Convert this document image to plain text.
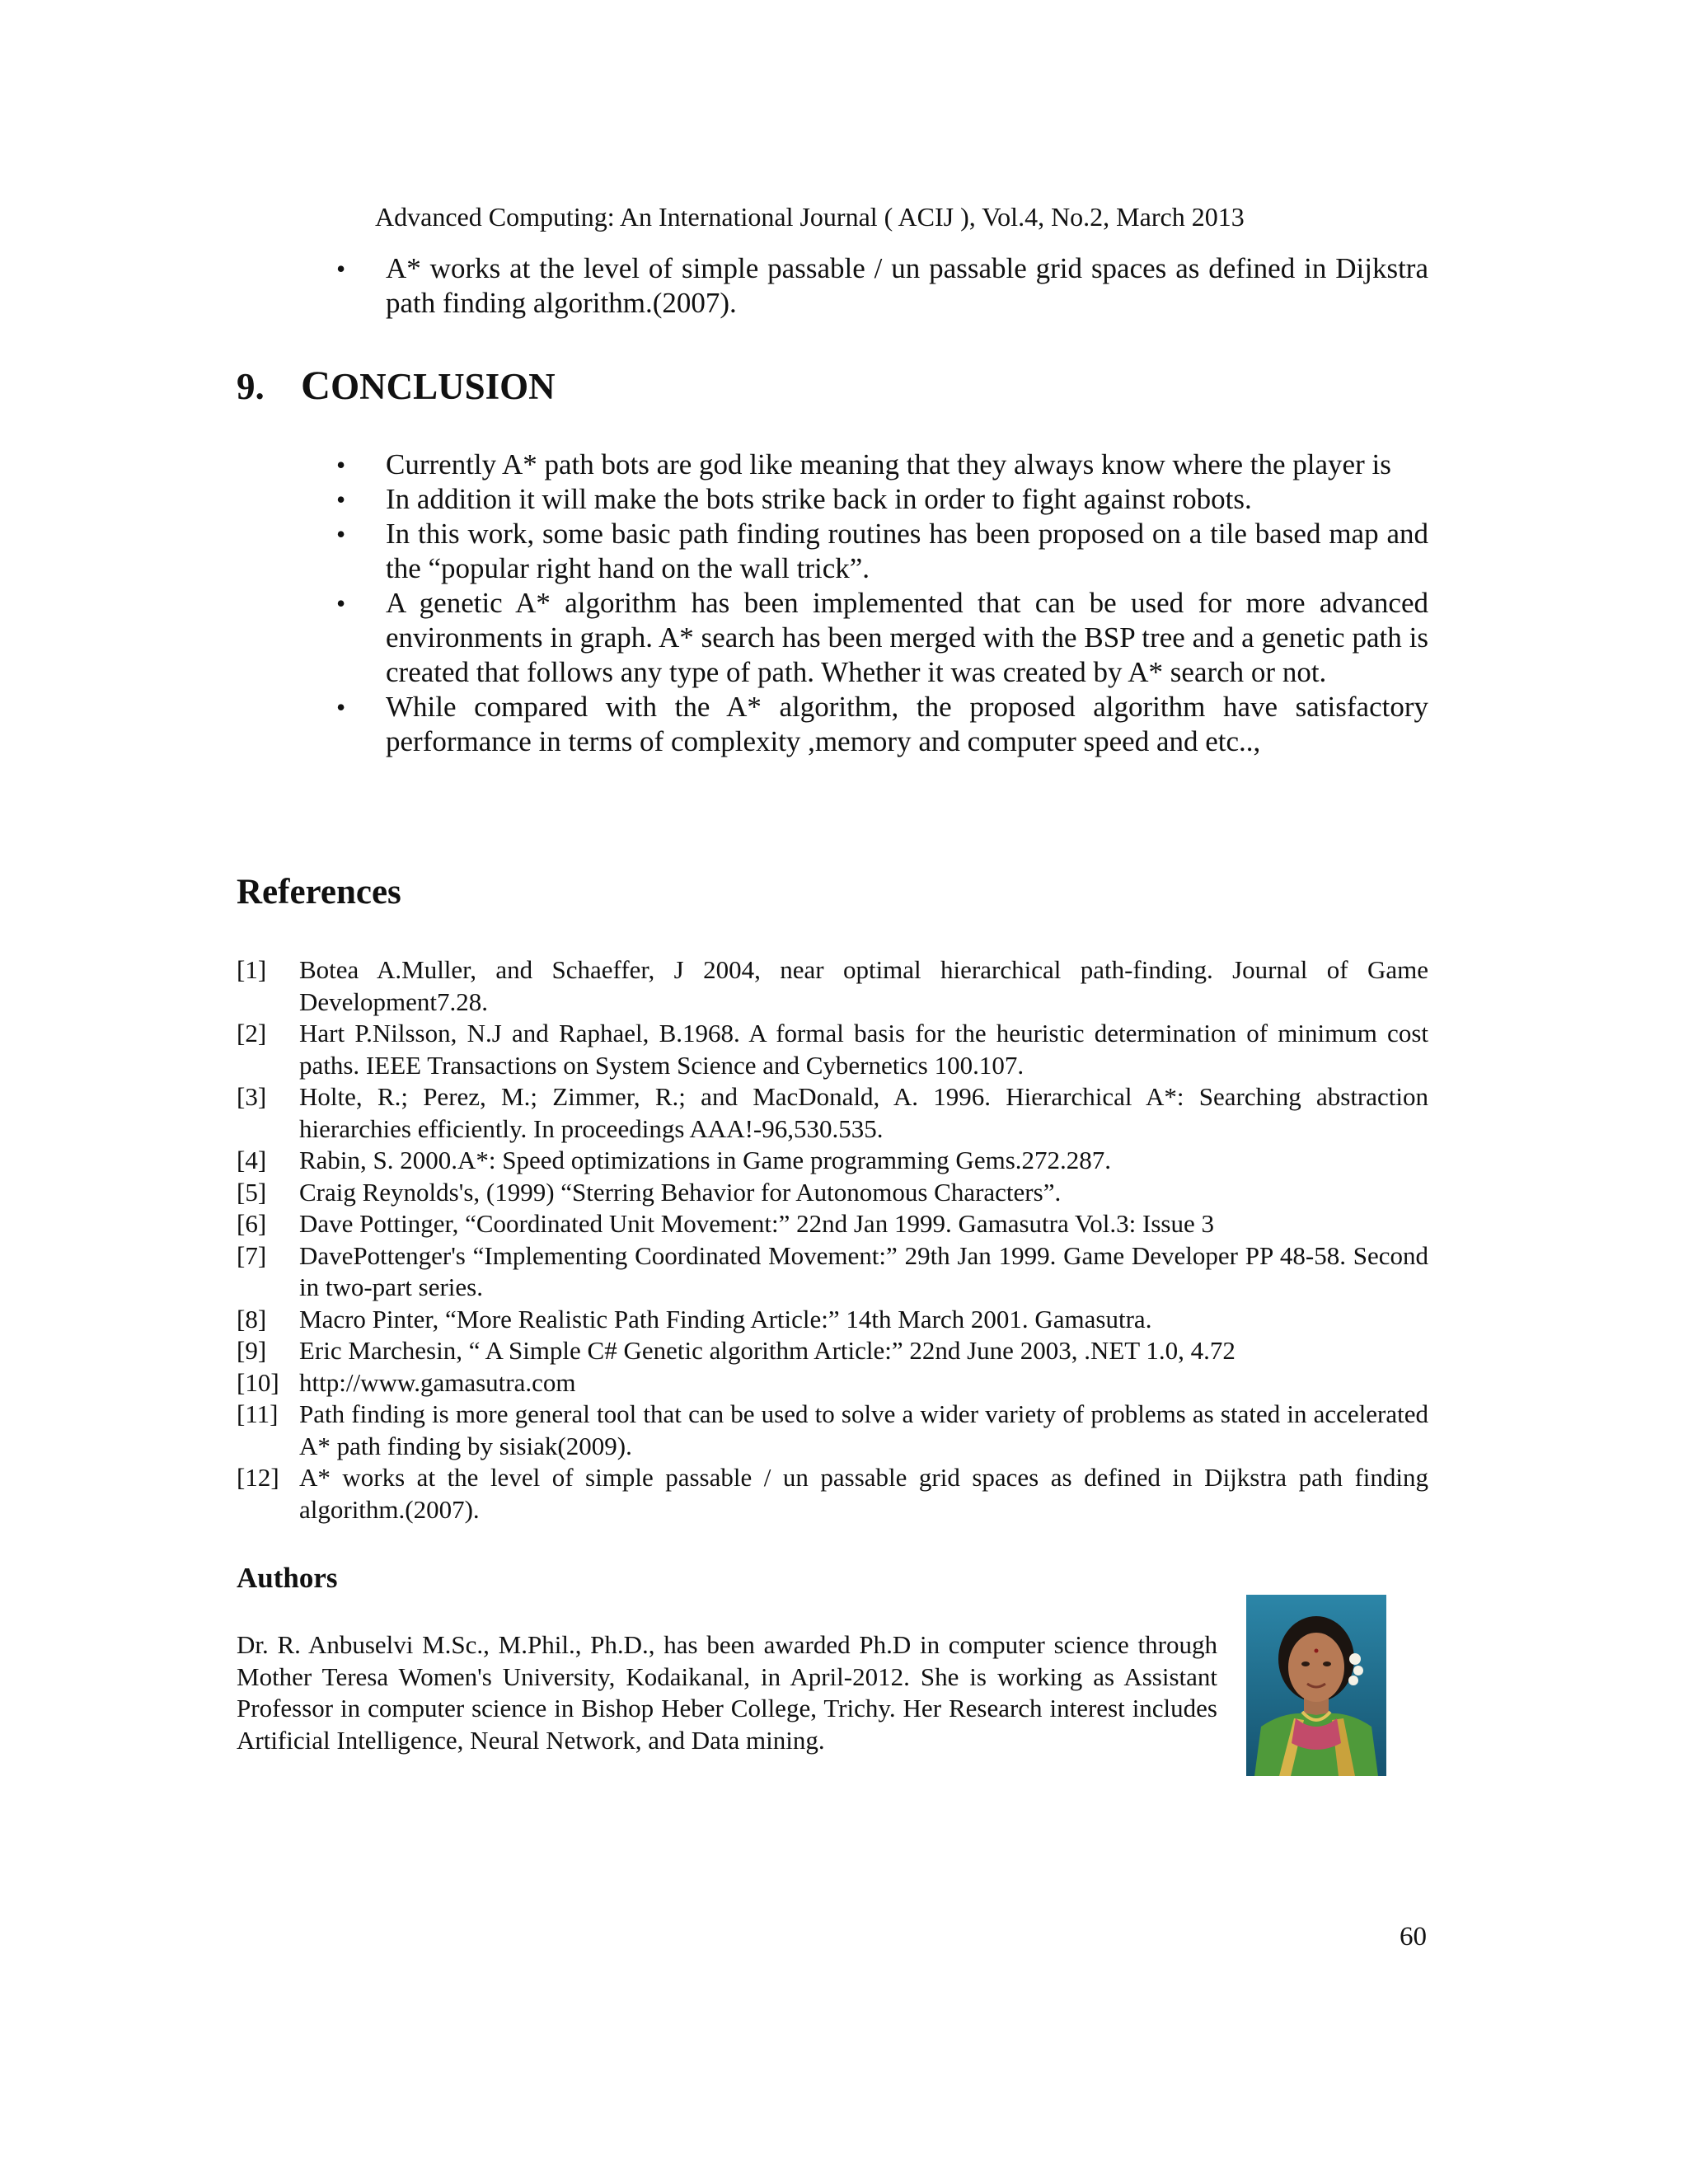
Advanced Computing: An International Journal ( ACIJ ), Vol.4, No.2, March 2013
• A* works at the level of simple passable / un passable grid spaces as defined in Dijkstra path finding algorithm.(2007).
9. CONCLUSION
• Currently A* path bots are god like meaning that they always know where the player is
• In addition it will make the bots strike back in order to fight against robots.
• In this work, some basic path finding routines has been proposed on a tile based map and the “popular right hand on the wall trick”.
• A genetic A* algorithm has been implemented that can be used for more advanced environments in graph. A* search has been merged with the BSP tree and a genetic path is created that follows any type of path. Whether it was created by A* search or not.
• While compared with the A* algorithm, the proposed algorithm have satisfactory performance in terms of complexity ,memory and computer speed and etc..,
References
[1] Botea A.Muller, and Schaeffer, J 2004, near optimal hierarchical path-finding. Journal of Game Development7.28.
[2] Hart P.Nilsson, N.J and Raphael, B.1968. A formal basis for the heuristic determination of minimum cost paths. IEEE Transactions on System Science and Cybernetics 100.107.
[3] Holte, R.; Perez, M.; Zimmer, R.; and MacDonald, A. 1996. Hierarchical A*: Searching abstraction hierarchies efficiently. In proceedings AAA!-96,530.535.
[4] Rabin, S. 2000.A*: Speed optimizations in Game programming Gems.272.287.
[5] Craig Reynolds's, (1999) “Sterring Behavior for Autonomous Characters”.
[6] Dave Pottinger, “Coordinated Unit Movement:” 22nd Jan 1999. Gamasutra Vol.3: Issue 3
[7] DavePottenger's “Implementing Coordinated Movement:” 29th Jan 1999. Game Developer PP 48-58. Second in two-part series.
[8] Macro Pinter, “More Realistic Path Finding Article:” 14th March 2001. Gamasutra.
[9] Eric Marchesin, “ A Simple C# Genetic algorithm Article:” 22nd June 2003, .NET 1.0, 4.72
[10] http://www.gamasutra.com
[11] Path finding is more general tool that can be used to solve a wider variety of problems as stated in accelerated A* path finding by sisiak(2009).
[12] A* works at the level of simple passable / un passable grid spaces as defined in Dijkstra path finding algorithm.(2007).
Authors
Dr. R. Anbuselvi M.Sc., M.Phil., Ph.D., has been awarded Ph.D in computer science through Mother Teresa Women's University, Kodaikanal, in April-2012. She is working as Assistant Professor in computer science in Bishop Heber College, Trichy. Her Research interest includes Artificial Intelligence, Neural Network, and Data mining.
60
